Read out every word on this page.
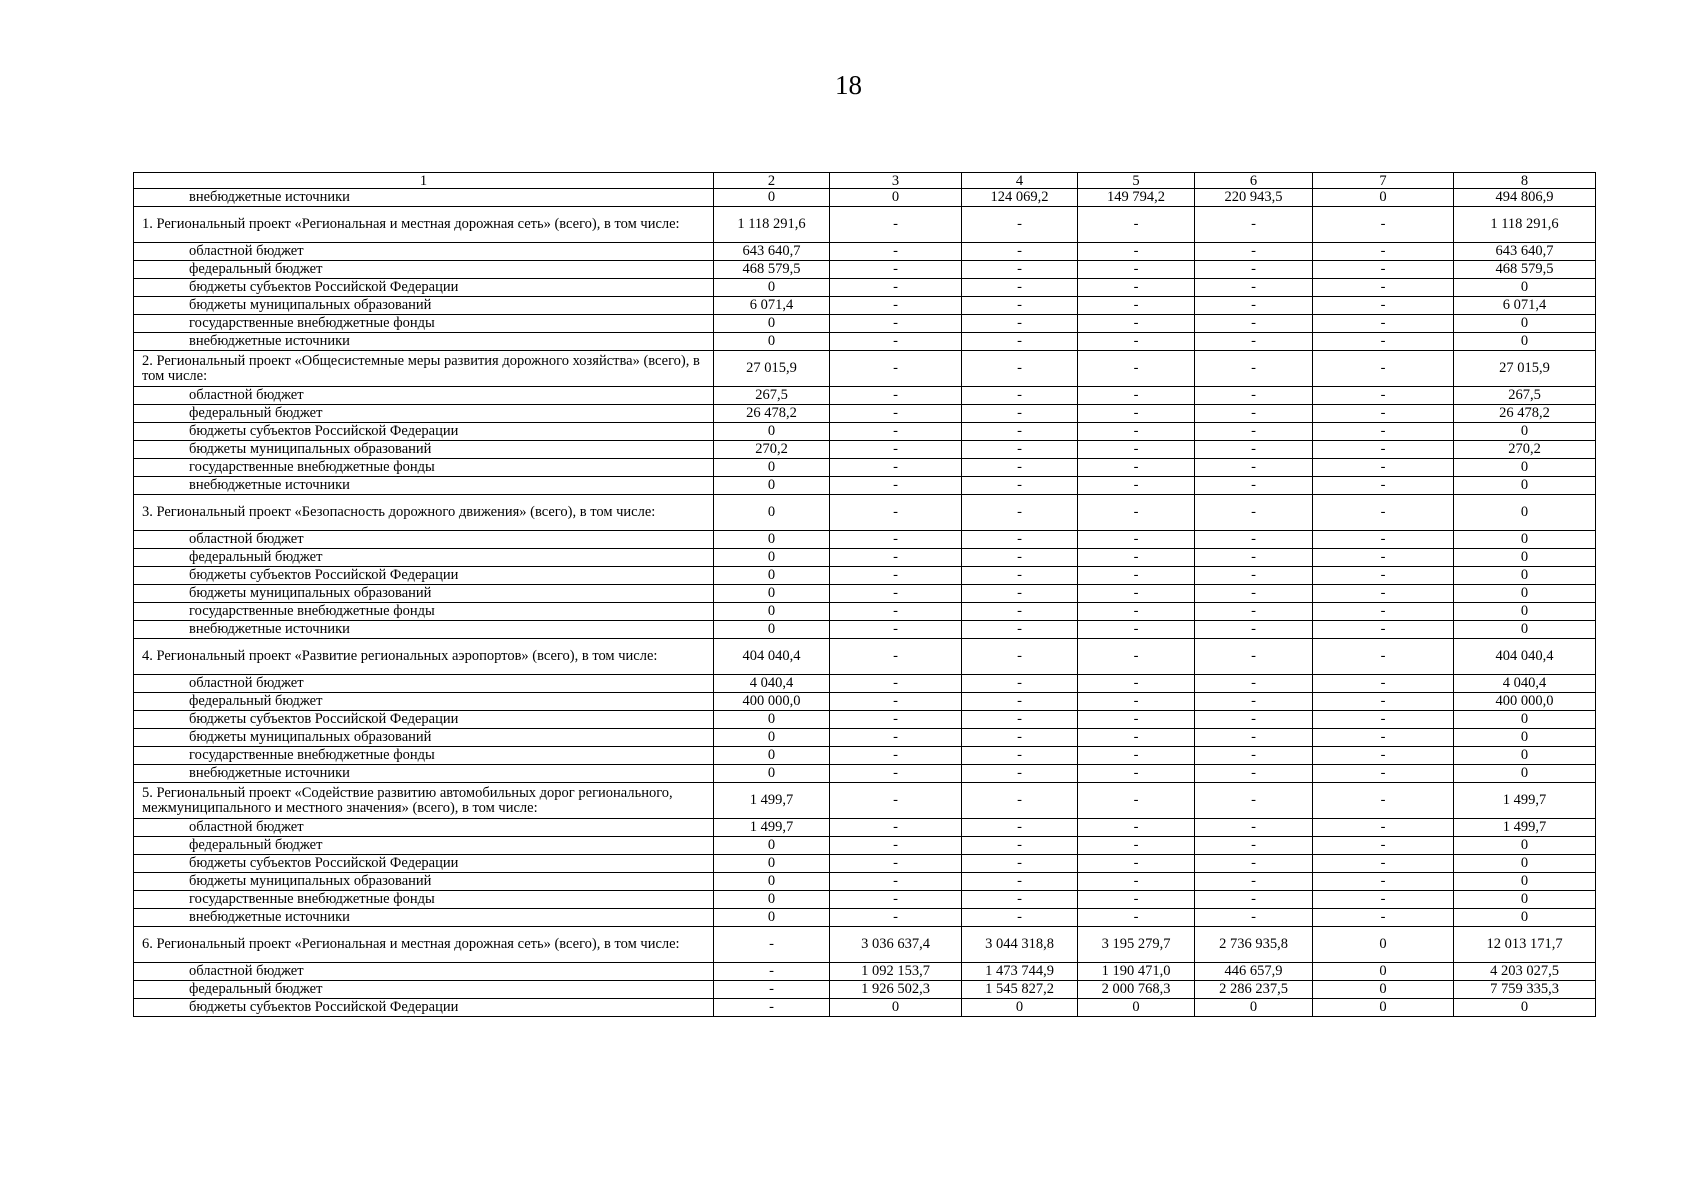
18
1	2	3	4	5	6	7	8
внебюджетные источники	0	0	124 069,2	149 794,2	220 943,5	0	494 806,9
1. Региональный проект «Региональная и местная дорожная сеть» (всего), в том числе:	1 118 291,6	-	-	-	-	-	1 118 291,6
областной бюджет	643 640,7	-	-	-	-	-	643 640,7
федеральный бюджет	468 579,5	-	-	-	-	-	468 579,5
бюджеты субъектов Российской Федерации	0	-	-	-	-	-	0
бюджеты муниципальных образований	6 071,4	-	-	-	-	-	6 071,4
государственные внебюджетные фонды	0	-	-	-	-	-	0
внебюджетные источники	0	-	-	-	-	-	0
2. Региональный проект «Общесистемные меры развития дорожного хозяйства» (всего), в том числе:	27 015,9	-	-	-	-	-	27 015,9
областной бюджет	267,5	-	-	-	-	-	267,5
федеральный бюджет	26 478,2	-	-	-	-	-	26 478,2
бюджеты субъектов Российской Федерации	0	-	-	-	-	-	0
бюджеты муниципальных образований	270,2	-	-	-	-	-	270,2
государственные внебюджетные фонды	0	-	-	-	-	-	0
внебюджетные источники	0	-	-	-	-	-	0
3. Региональный проект «Безопасность дорожного движения» (всего), в том числе:	0	-	-	-	-	-	0
областной бюджет	0	-	-	-	-	-	0
федеральный бюджет	0	-	-	-	-	-	0
бюджеты субъектов Российской Федерации	0	-	-	-	-	-	0
бюджеты муниципальных образований	0	-	-	-	-	-	0
государственные внебюджетные фонды	0	-	-	-	-	-	0
внебюджетные источники	0	-	-	-	-	-	0
4. Региональный проект «Развитие региональных аэропортов» (всего), в том числе:	404 040,4	-	-	-	-	-	404 040,4
областной бюджет	4 040,4	-	-	-	-	-	4 040,4
федеральный бюджет	400 000,0	-	-	-	-	-	400 000,0
бюджеты субъектов Российской Федерации	0	-	-	-	-	-	0
бюджеты муниципальных образований	0	-	-	-	-	-	0
государственные внебюджетные фонды	0	-	-	-	-	-	0
внебюджетные источники	0	-	-	-	-	-	0
5. Региональный проект «Содействие развитию автомобильных дорог регионального, межмуниципального и местного значения» (всего), в том числе:	1 499,7	-	-	-	-	-	1 499,7
областной бюджет	1 499,7	-	-	-	-	-	1 499,7
федеральный бюджет	0	-	-	-	-	-	0
бюджеты субъектов Российской Федерации	0	-	-	-	-	-	0
бюджеты муниципальных образований	0	-	-	-	-	-	0
государственные внебюджетные фонды	0	-	-	-	-	-	0
внебюджетные источники	0	-	-	-	-	-	0
6. Региональный проект «Региональная и местная дорожная сеть» (всего), в том числе:	-	3 036 637,4	3 044 318,8	3 195 279,7	2 736 935,8	0	12 013 171,7
областной бюджет	-	1 092 153,7	1 473 744,9	1 190 471,0	446 657,9	0	4 203 027,5
федеральный бюджет	-	1 926 502,3	1 545 827,2	2 000 768,3	2 286 237,5	0	7 759 335,3
бюджеты субъектов Российской Федерации	-	0	0	0	0	0	0
